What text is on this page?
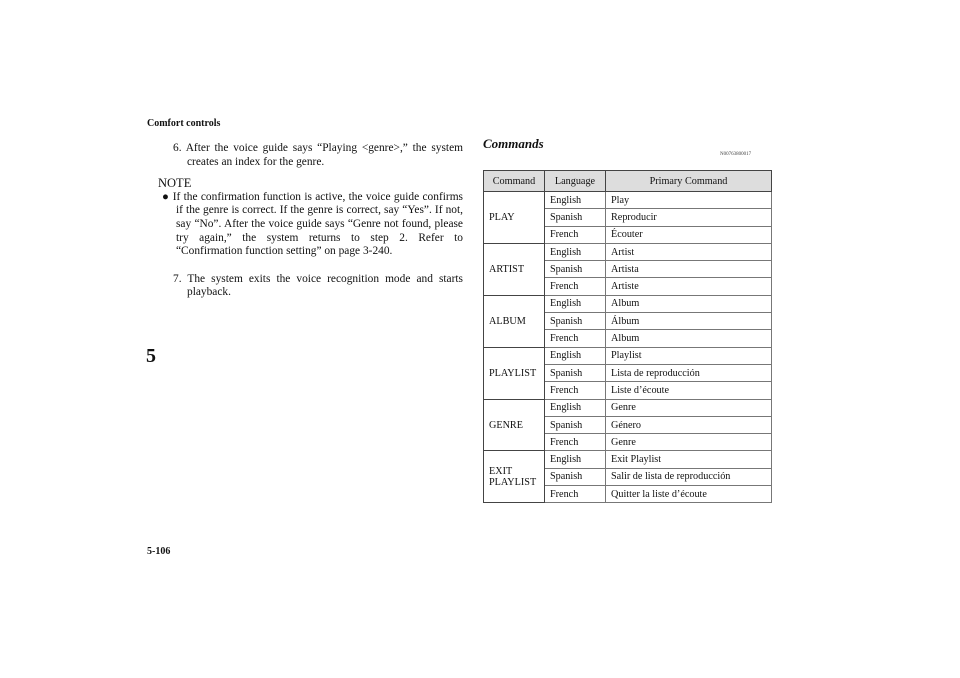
Comfort controls
5
5-106
6. After the voice guide says “Playing <genre>,” the system creates an index for the genre.
NOTE
● If the confirmation function is active, the voice guide confirms if the genre is correct. If the genre is correct, say “Yes”. If not, say “No”. After the voice guide says “Genre not found, please try again,” the system returns to step 2. Refer to “Confirmation function setting” on page 3-240.
7. The system exits the voice recognition mode and starts playback.
Commands
N00763800017
Command	Language	Primary Command
PLAY	English	Play
	Spanish	Reproducir
	French	Écouter
ARTIST	English	Artist
	Spanish	Artista
	French	Artiste
ALBUM	English	Album
	Spanish	Álbum
	French	Album
PLAYLIST	English	Playlist
	Spanish	Lista de reproducción
	French	Liste d’écoute
GENRE	English	Genre
	Spanish	Género
	French	Genre
EXIT PLAYLIST	English	Exit Playlist
	Spanish	Salir de lista de reproducción
	French	Quitter la liste d’écoute
